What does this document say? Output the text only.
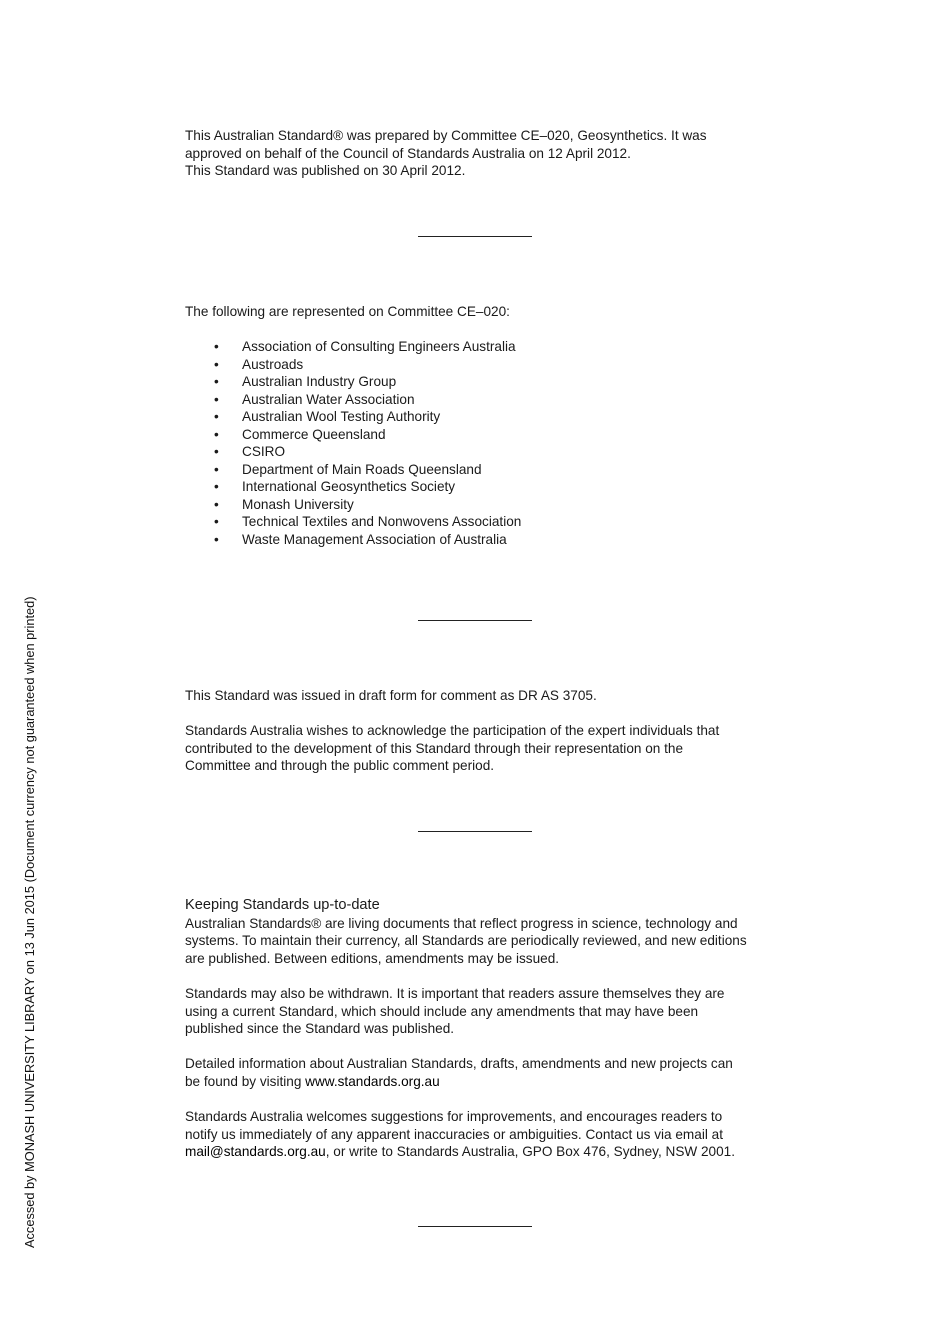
This Australian Standard® was prepared by Committee CE–020, Geosynthetics. It was

approved on behalf of the Council of Standards Australia on 12 April 2012.

This Standard was published on 30 April 2012.

The following are represented on Committee CE–020:

• Association of Consulting Engineers Australia
• Austroads
• Australian Industry Group
• Australian Water Association
• Australian Wool Testing Authority
• Commerce Queensland
• CSIRO
• Department of Main Roads Queensland
• International Geosynthetics Society
• Monash University
• Technical Textiles and Nonwovens Association
• Waste Management Association of Australia

This Standard was issued in draft form for comment as DR AS 3705.

Standards Australia wishes to acknowledge the participation of the expert individuals that

contributed to the development of this Standard through their representation on the

Committee and through the public comment period.

Keeping Standards up-to-date

Australian Standards® are living documents that reflect progress in science, technology and

systems. To maintain their currency, all Standards are periodically reviewed, and new editions

are published. Between editions, amendments may be issued.

Standards may also be withdrawn. It is important that readers assure themselves they are

using a current Standard, which should include any amendments that may have been

published since the Standard was published.

Detailed information about Australian Standards, drafts, amendments and new projects can

be found by visiting www.standards.org.au

Standards Australia welcomes suggestions for improvements, and encourages readers to

notify us immediately of any apparent inaccuracies or ambiguities. Contact us via email at

mail@standards.org.au, or write to Standards Australia, GPO Box 476, Sydney, NSW 2001.

Accessed by MONASH UNIVERSITY LIBRARY on 13 Jun 2015 (Document currency not guaranteed when printed)
